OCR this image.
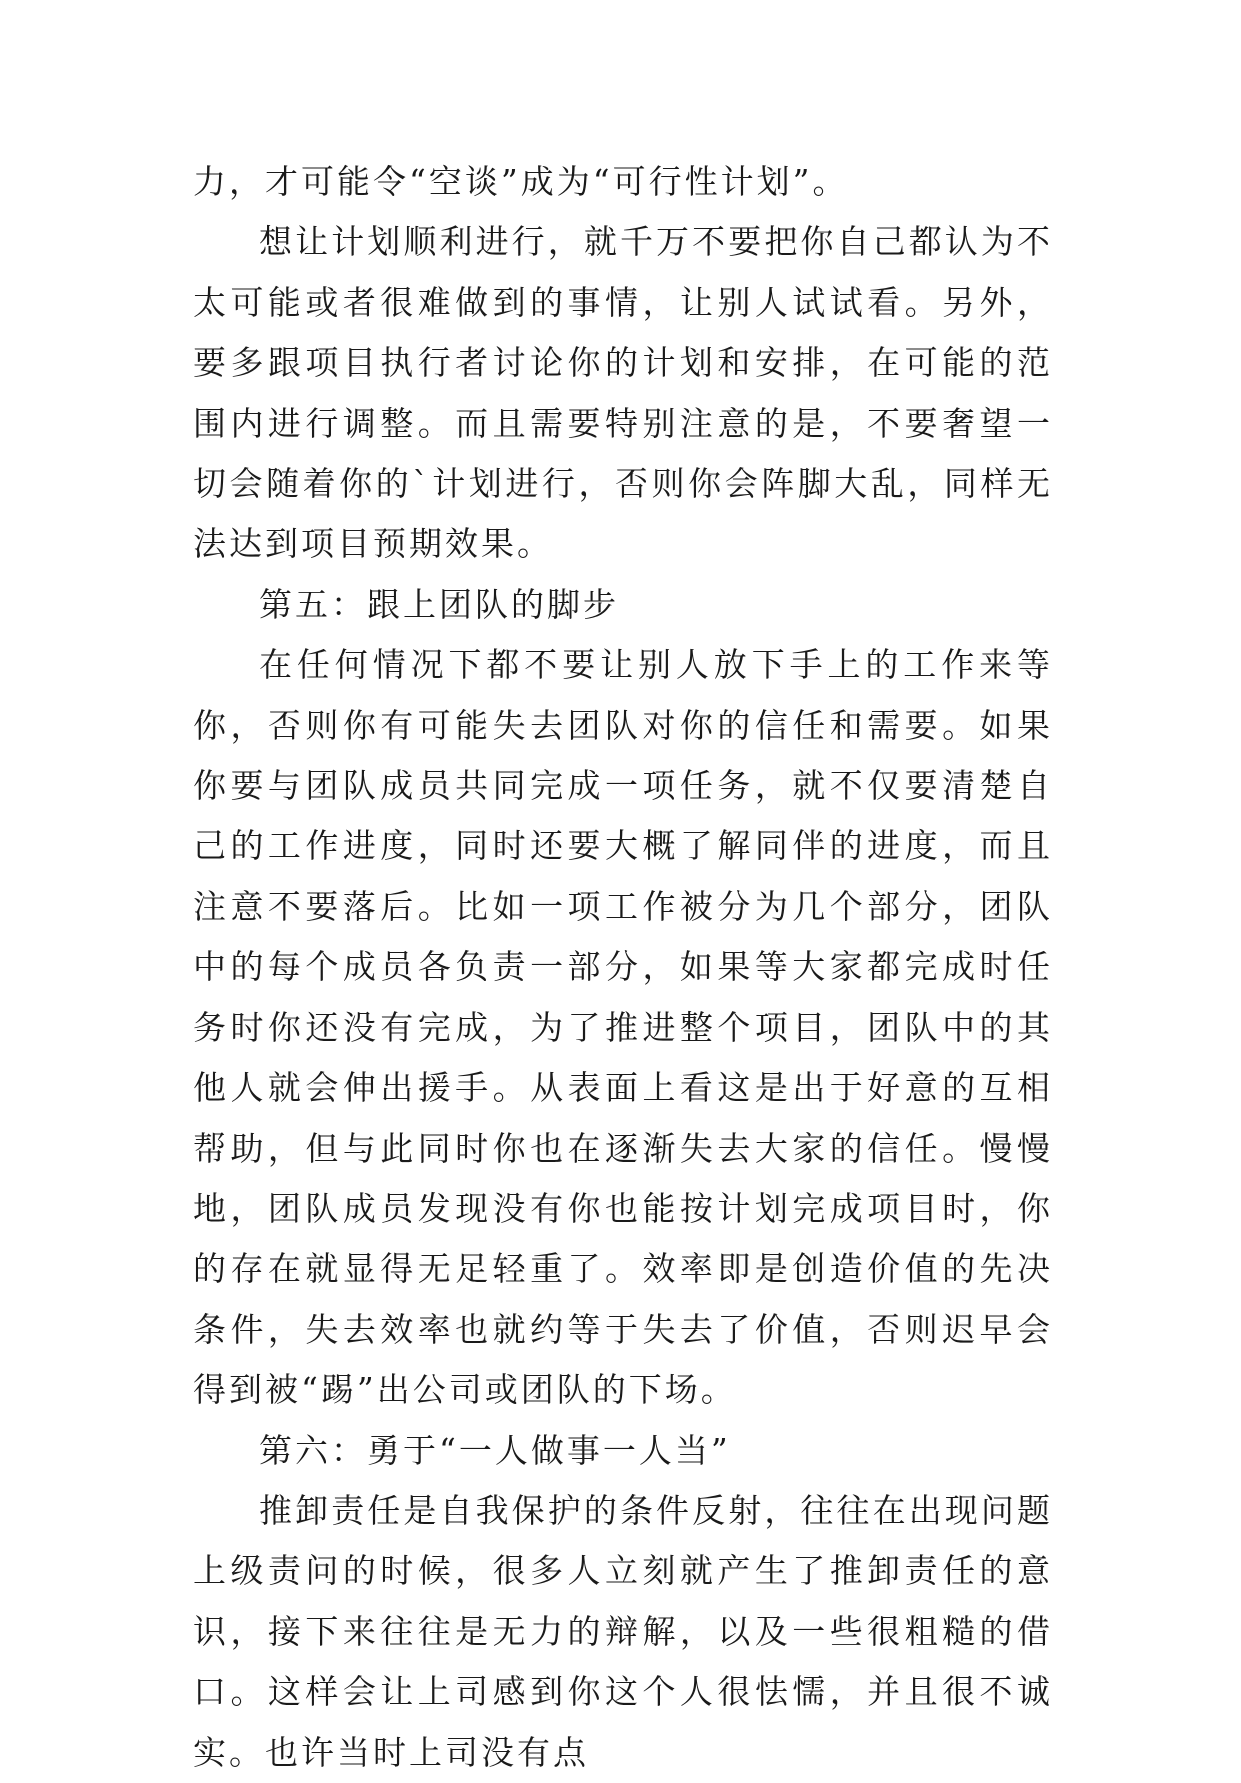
力，才可能令“空谈”成为“可行性计划”。

想让计划顺利进行，就千万不要把你自己都认为不太可能或者很难做到的事情，让别人试试看。另外，要多跟项目执行者讨论你的计划和安排，在可能的范围内进行调整。而且需要特别注意的是，不要奢望一切会随着你的`计划进行，否则你会阵脚大乱，同样无法达到项目预期效果。

第五：跟上团队的脚步

在任何情况下都不要让别人放下手上的工作来等你，否则你有可能失去团队对你的信任和需要。如果你要与团队成员共同完成一项任务，就不仅要清楚自己的工作进度，同时还要大概了解同伴的进度，而且注意不要落后。比如一项工作被分为几个部分，团队中的每个成员各负责一部分，如果等大家都完成时任务时你还没有完成，为了推进整个项目，团队中的其他人就会伸出援手。从表面上看这是出于好意的互相帮助，但与此同时你也在逐渐失去大家的信任。慢慢地，团队成员发现没有你也能按计划完成项目时，你的存在就显得无足轻重了。效率即是创造价值的先决条件，失去效率也就约等于失去了价值，否则迟早会得到被“踢”出公司或团队的下场。

第六：勇于“一人做事一人当”

推卸责任是自我保护的条件反射，往往在出现问题上级责问的时候，很多人立刻就产生了推卸责任的意识，接下来往往是无力的辩解，以及一些很粗糙的借口。这样会让上司感到你这个人很怯懦，并且很不诚实。也许当时上司没有点
